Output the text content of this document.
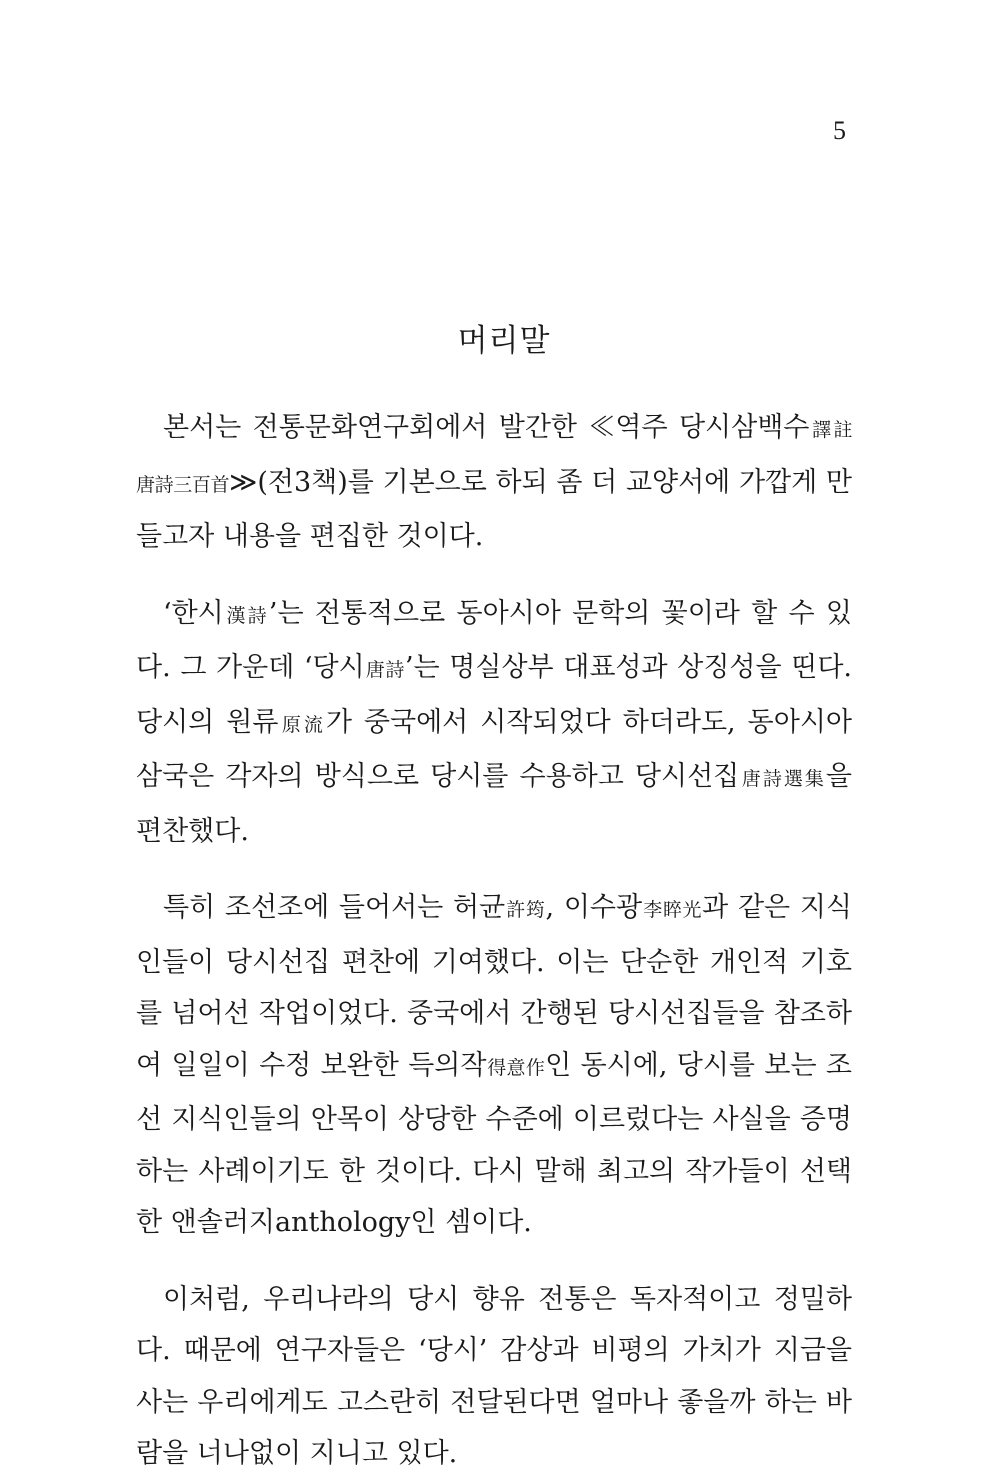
5
머리말

본서는 전통문화연구회에서 발간한 ≪역주 당시삼백수譯註唐詩三百首≫(전3책)를 기본으로 하되 좀 더 교양서에 가깝게 만들고자 내용을 편집한 것이다.

‘한시漢詩’는 전통적으로 동아시아 문학의 꽃이라 할 수 있다. 그 가운데 ‘당시唐詩’는 명실상부 대표성과 상징성을 띤다. 당시의 원류原流가 중국에서 시작되었다 하더라도, 동아시아 삼국은 각자의 방식으로 당시를 수용하고 당시선집唐詩選集을 편찬했다.

특히 조선조에 들어서는 허균許筠, 이수광李睟光과 같은 지식인들이 당시선집 편찬에 기여했다. 이는 단순한 개인적 기호를 넘어선 작업이었다. 중국에서 간행된 당시선집들을 참조하여 일일이 수정 보완한 득의작得意作인 동시에, 당시를 보는 조선 지식인들의 안목이 상당한 수준에 이르렀다는 사실을 증명하는 사례이기도 한 것이다. 다시 말해 최고의 작가들이 선택한 앤솔러지anthology인 셈이다.

이처럼, 우리나라의 당시 향유 전통은 독자적이고 정밀하다. 때문에 연구자들은 ‘당시’ 감상과 비평의 가치가 지금을 사는 우리에게도 고스란히 전달된다면 얼마나 좋을까 하는 바람을 너나없이 지니고 있다.
